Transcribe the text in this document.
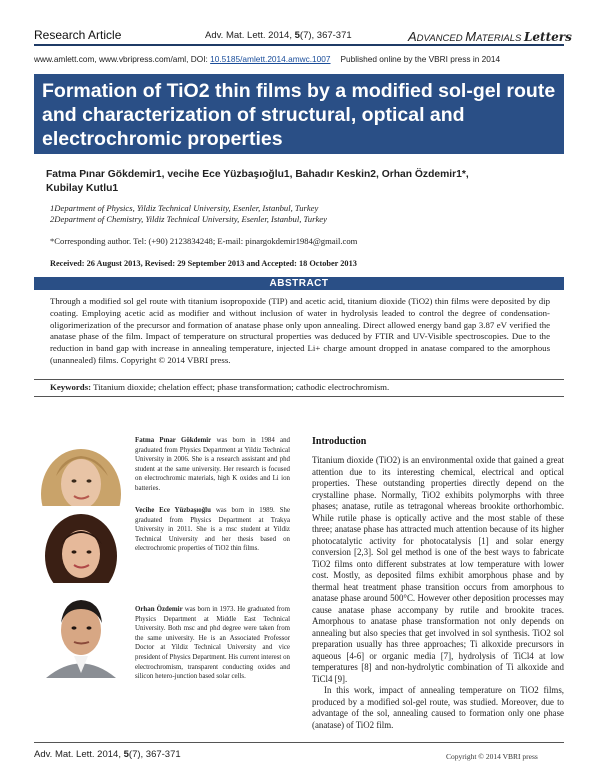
Research Article	Adv. Mat. Lett. 2014, 5(7), 367-371	ADVANCED MATERIALS Letters
www.amlett.com, www.vbripress.com/aml, DOI: 10.5185/amlett.2014.amwc.1007 Published online by the VBRI press in 2014
Formation of TiO2 thin films by a modified sol-gel route and characterization of structural, optical and electrochromic properties
Fatma Pınar Gökdemir1, vecihe Ece Yüzbaşıoğlu1, Bahadır Keskin2, Orhan Özdemir1*,
Kubilay Kutlu1
1Department of Physics, Yildiz Technical University, Esenler, Istanbul, Turkey
2Department of Chemistry, Yildiz Technical University, Esenler, Istanbul, Turkey
*Corresponding author. Tel: (+90) 2123834248; E-mail: pinargokdemir1984@gmail.com
Received: 26 August 2013, Revised: 29 September 2013 and Accepted: 18 October 2013
ABSTRACT
Through a modified sol gel route with titanium isopropoxide (TIP) and acetic acid, titanium dioxide (TiO2) thin films were deposited by dip coating. Employing acetic acid as modifier and without inclusion of water in hydrolysis leaded to control the degree of condensation-oligorimerization of the precursor and formation of anatase phase only upon annealing. Direct allowed energy band gap 3.87 eV verified the anatase phase of the film. Impact of temperature on structural properties was deduced by FTIR and UV-Visible spectroscopies. Due to the reduction in band gap with increase in annealing temperature, injected Li+ charge amount dropped in anatase compared to the amorphous (unannealed) films. Copyright © 2014 VBRI press.
Keywords: Titanium dioxide; chelation effect; phase transformation; cathodic electrochromism.
Fatma Pınar Gökdemir was born in 1984 and graduated from Physics Department at Yildiz Technical University in 2006. She is a research assistant and phd student at the same university. Her research is focused on electrochromic materials, high K oxides and Li ion batteries.
Vecihe Ece Yüzbaşıoğlu was born in 1989. She graduated from Physics Department at Trakya University in 2011. She is a msc student at Yildiz Technical University and her thesis based on electrochromic properties of TiO2 thin films.
Orhan Özdemir was born in 1973. He graduated from Physics Department at Middle East Technical University. Both msc and phd degree were taken from the same university. He is an Associated Professor Doctor at Yildiz Technical University and vice president of Physics Department. His current interest on electrochromism, transparent conducting oxides and silicon hetero-junction based solar cells.
Introduction
Titanium dioxide (TiO2) is an environmental oxide that gained a great attention due to its interesting chemical, electrical and optical properties. These outstanding properties directly depend on the crystalline phase. Normally, TiO2 exhibits polymorphs with three phases; anatase, rutile as tetragonal whereas brookite orthorhombic. While rutile phase is optically active and the most stable of these three; anatase phase has attracted much attention because of its higher photocatalytic activity for photocatalysis [1] and solar energy conversion [2,3]. Sol gel method is one of the best ways to fabricate TiO2 films onto different substrates at low temperature with lower cost. Mostly, as deposited films exhibit amorphous phase and by thermal heat treatment phase transition occurs from amorphous to anatase phase around 500°C. However other deposition processes may cause anatase phase accompany by rutile and brookite traces. Amorphous to anatase phase transformation not only depends on annealing but also species that get involved in sol synthesis. TiO2 sol preparation usually has three approaches; Ti alkoxide precursors in aqueous [4-6] or organic media [7], hydrolysis of TiCl4 at low temperatures [8] and non-hydrolytic combination of Ti alkoxide and TiCl4 [9].
In this work, impact of annealing temperature on TiO2 films, produced by a modified sol-gel route, was studied. Moreover, due to advantage of the sol, annealing caused to formation only one phase (anatase) of TiO2 film.
Adv. Mat. Lett. 2014, 5(7), 367-371	Copyright © 2014 VBRI press
